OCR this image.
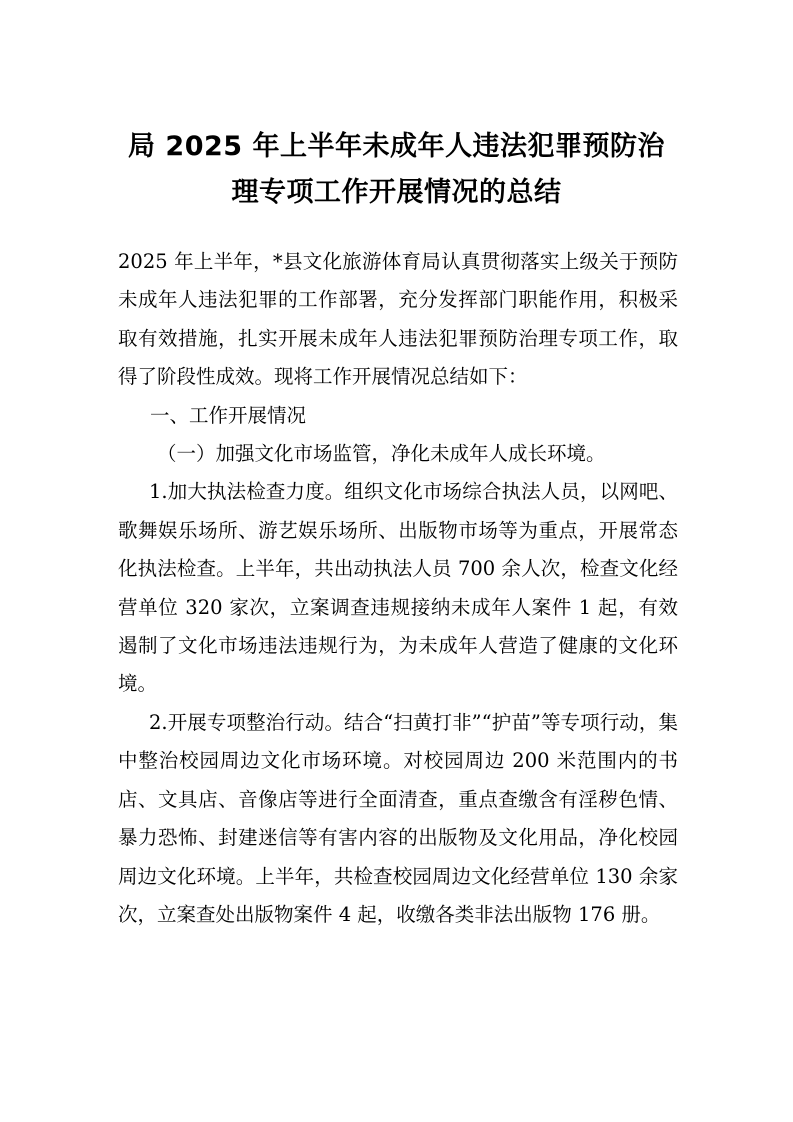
局 2025 年上半年未成年人违法犯罪预防治
理专项工作开展情况的总结

2025 年上半年，*县文化旅游体育局认真贯彻落实上级关于预防未成年人违法犯罪的工作部署，充分发挥部门职能作用，积极采取有效措施，扎实开展未成年人违法犯罪预防治理专项工作，取得了阶段性成效。现将工作开展情况总结如下：

一、工作开展情况

（一）加强文化市场监管，净化未成年人成长环境。

1.加大执法检查力度。组织文化市场综合执法人员，以网吧、歌舞娱乐场所、游艺娱乐场所、出版物市场等为重点，开展常态化执法检查。上半年，共出动执法人员 700 余人次，检查文化经营单位 320 家次，立案调查违规接纳未成年人案件 1 起，有效遏制了文化市场违法违规行为，为未成年人营造了健康的文化环境。

2.开展专项整治行动。结合“扫黄打非”“护苗”等专项行动，集中整治校园周边文化市场环境。对校园周边 200 米范围内的书店、文具店、音像店等进行全面清查，重点查缴含有淫秽色情、暴力恐怖、封建迷信等有害内容的出版物及文化用品，净化校园周边文化环境。上半年，共检查校园周边文化经营单位 130 余家次，立案查处出版物案件 4 起，收缴各类非法出版物 176 册。
